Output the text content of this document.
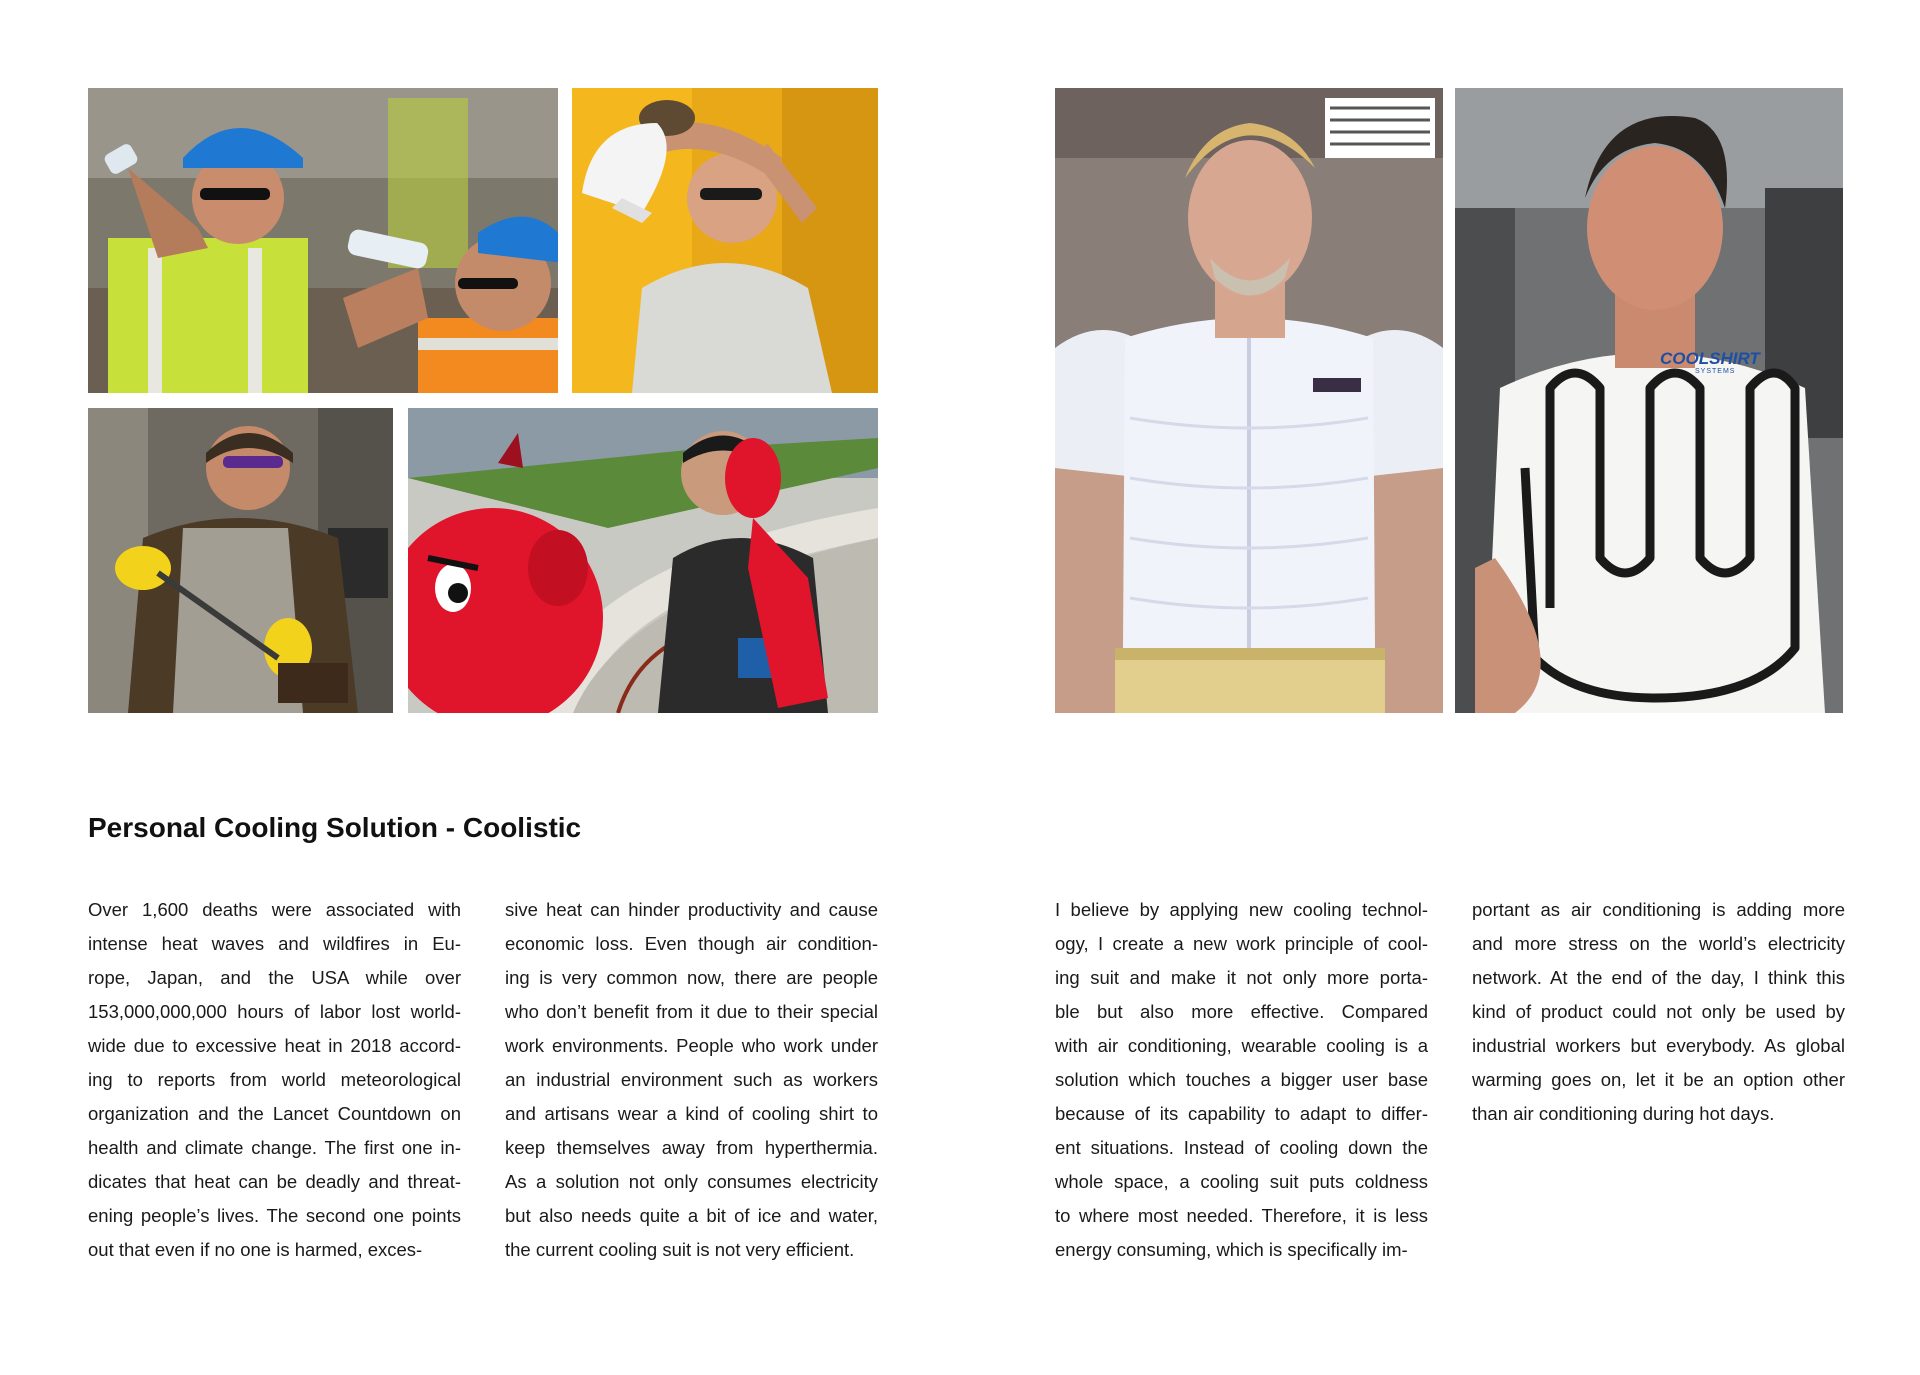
COOLSHIRT
SYSTEMS
Personal Cooling Solution - Coolistic
Over 1,600 deaths were associated with
intense heat waves and wildfires in Eu-
rope, Japan, and the USA while over
153,000,000,000 hours of labor lost world-
wide due to excessive heat in 2018 accord-
ing to reports from world meteorological
organization and the Lancet Countdown on
health and climate change. The first one in-
dicates that heat can be deadly and threat-
ening people’s lives. The second one points
out that even if no one is harmed, exces-
sive heat can hinder productivity and cause
economic loss. Even though air condition-
ing is very common now, there are people
who don’t benefit from it due to their special
work environments. People who work under
an industrial environment such as workers
and artisans wear a kind of cooling shirt to
keep themselves away from hyperthermia.
As a solution not only consumes electricity
but also needs quite a bit of ice and water,
the current cooling suit is not very efficient.
I believe by applying new cooling technol-
ogy, I create a new work principle of cool-
ing suit and make it not only more porta-
ble but also more effective. Compared
with air conditioning, wearable cooling is a
solution which touches a bigger user base
because of its capability to adapt to differ-
ent situations. Instead of cooling down the
whole space, a cooling suit puts coldness
to where most needed. Therefore, it is less
energy consuming, which is specifically im-
portant as air conditioning is adding more
and more stress on the world’s electricity
network. At the end of the day, I think this
kind of product could not only be used by
industrial workers but everybody. As global
warming goes on, let it be an option other
than air conditioning during hot days.
